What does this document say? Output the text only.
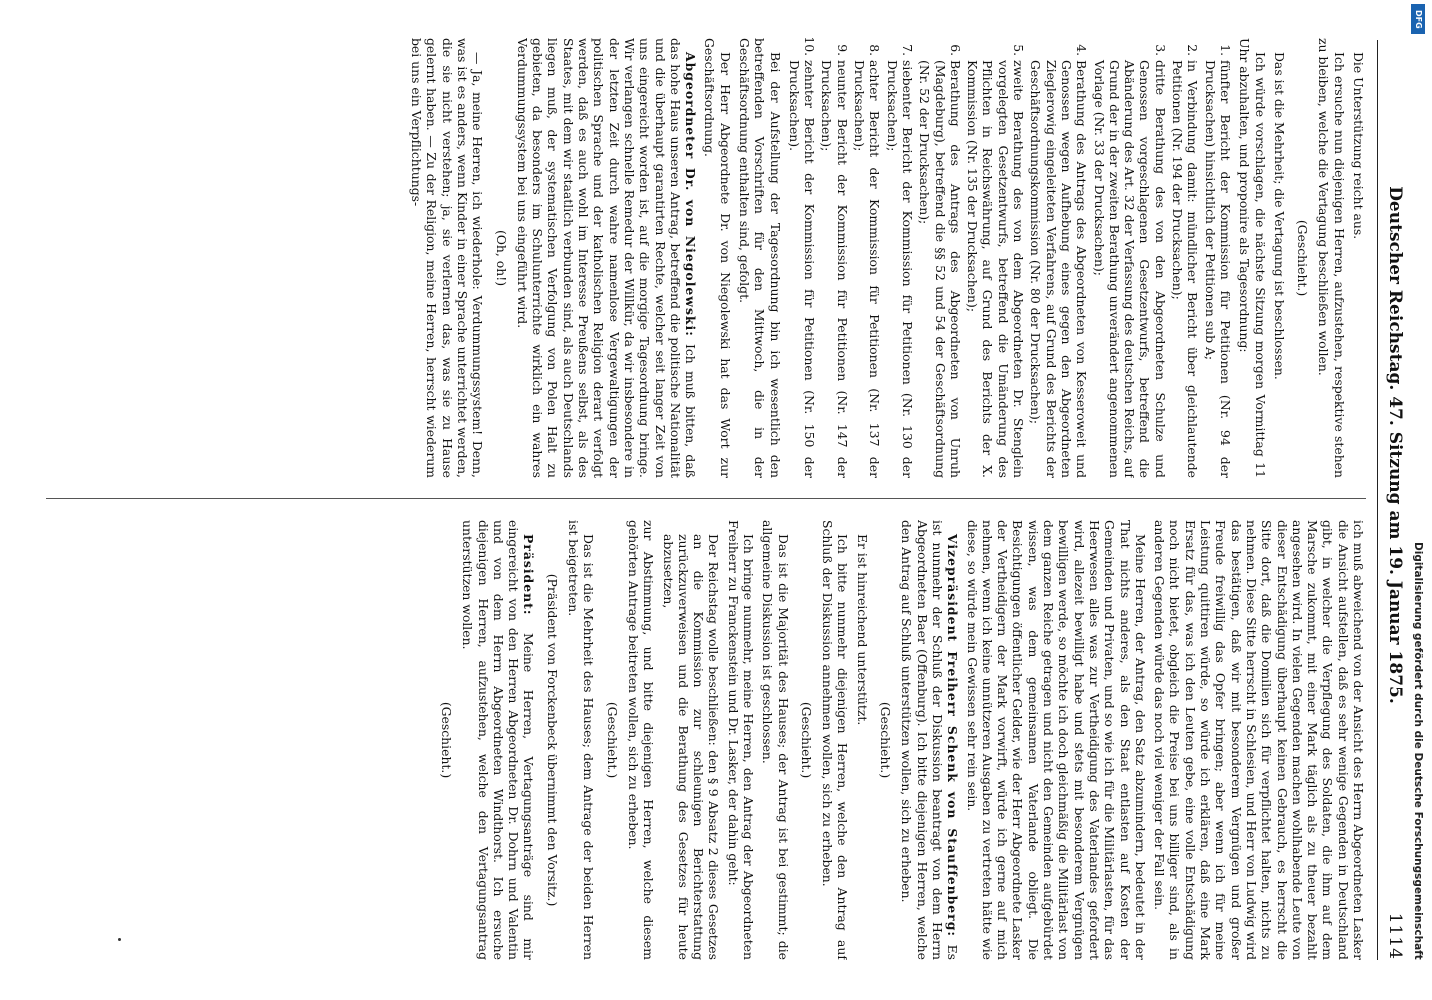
Deutscher Reichstag. 47. Sitzung am 19. Januar 1875.
1114

ich muß abweichend von der Ansicht des Herrn Abgeordneten Lasker die Ansicht aufstellen, daß es sehr wenige Gegenden in Deutschland gibt, in welcher die Verpflegung des Soldaten, die ihm auf dem Marsche zukommt, mit einer Mark täglich als zu theuer bezahlt angesehen wird. In vielen Gegenden machen wohlhabende Leute von dieser Entschädigung überhaupt keinen Gebrauch, es herrscht die Sitte dort, daß die Domilien sich für verpflichtet halten, nichts zu nehmen. Diese Sitte herrscht in Schlesien, und Herr von Ludwig wird das bestätigen, daß wir mit besonderem Vergnügen und großer Freude freiwillig das Opfer bringen; aber wenn ich für meine Leistung quittiren würde, so würde ich erklären, daß eine Mark Ersatz für das, was ich den Leuten gebe, eine volle Entschädigung noch nicht bietet, obgleich die Preise bei uns billiger sind, als in anderen Gegenden würde das noch viel weniger der Fall sein.

Meine Herren, der Antrag, den Satz abzumindern, bedeutet in der That nichts anderes, als den Staat entlasten auf Kosten der Gemeinden und Privaten, und so wie ich für die Militärlasten, für das Heerwesen alles was zur Vertheidigung des Vaterlandes gefordert wird, allezeit bewilligt habe und stets mit besonderem Vergnügen bewilligen werde, so möchte ich doch gleichmäßig die Militärlast von dem ganzen Reiche getragen und nicht den Gemeinden aufgebürdet wissen, was dem gemeinsamen Vaterlande obliegt. Die Besichtigungen öffentlicher Gelder, wie der Herr Abgeordnete Lasker der Vertheidigern der Mark vorwirft, würde ich gerne auf mich nehmen, wenn ich keine unnützeren Ausgaben zu vertreten hätte wie diese, so würde mein Gewissen sehr rein sein.

Vizepräsident Freiherr Schenk von Stauffenberg: Es ist nunmehr der Schluß der Diskussion beantragt von dem Herrn Abgeordneten Baer (Offenburg). Ich bitte diejenigen Herren, welche den Antrag auf Schluß unterstützen wollen, sich zu erheben.

(Geschieht.)

Er ist hinreichend unterstützt.

Ich bitte nunmehr diejenigen Herren, welche den Antrag auf Schluß der Diskussion annehmen wollen, sich zu erheben.

(Geschieht.)

Das ist die Majorität des Hauses; der Antrag ist bei gestimmt; die allgemeine Diskussion ist geschlossen.

Ich bringe nunmehr, meine Herren, den Antrag der Abgeordneten Freiherr zu Franckenstein und Dr. Lasker, der dahin geht:

Der Reichstag wolle beschließen: den § 9 Absatz 2 dieses Gesetzes an die Kommission zur schleunigen Berichterstattung zurückzuverweisen und die Berathung des Gesetzes für heute abzusetzen,

zur Abstimmung, und bitte diejenigen Herren, welche diesem gehörten Antrage beitreten wollen, sich zu erheben.

(Geschieht.)

Das ist die Mehrheit des Hauses; dem Antrage der beiden Herren ist beigetreten.

(Präsident von Forckenbeck übernimmt den Vorsitz.)

Präsident: Meine Herren, Vertagungsanträge sind mir eingereicht von den Herren Abgeordneten Dr. Dohrn und Valentin und von dem Herrn Abgeordneten Windthorst. Ich ersuche diejenigen Herren, aufzustehen, welche den Vertagungsantrag unterstützen wollen.

(Geschieht.)

Die Unterstützung reicht aus.

Ich ersuche nun diejenigen Herren, aufzustehen, respektive stehen zu bleiben, welche die Vertagung beschließen wollen.

(Geschieht.)

Das ist die Mehrheit; die Vertagung ist beschlossen.

Ich würde vorschlagen, die nächste Sitzung morgen Vormittag 11 Uhr abzuhalten, und proponire als Tagesordnung:

1. fünfter Bericht der Kommission für Petitionen (Nr. 94 der Drucksachen) hinsichtlich der Petitionen sub A;
2. in Verbindung damit: mündlicher Bericht über gleichlautende Petitionen (Nr. 194 der Drucksachen);
3. dritte Berathung des von den Abgeordneten Schulze und Genossen vorgeschlagenen Gesetzentwurfs, betreffend die Abänderung des Art. 32 der Verfassung des deutschen Reichs, auf Grund der in der zweiten Berathung unverändert angenommenen Vorlage (Nr. 33 der Drucksachen);
4. Berathung des Antrags des Abgeordneten von Kesseroweit und Genossen wegen Aufhebung eines gegen den Abgeordneten Zieglerowig eingeleiteten Verfahrens, auf Grund des Berichts der Geschäftsordnungskommission (Nr. 80 der Drucksachen);
5. zweite Berathung des von dem Abgeordneten Dr. Stenglein vorgelegten Gesetzentwurfs, betreffend die Umänderung des Pflichten in Reichswährung, auf Grund des Berichts der X. Kommission (Nr. 135 der Drucksachen);
6. Berathung des Antrags des Abgeordneten von Unruh (Magdeburg), betreffend die §§ 52 und 54 der Geschäftsordnung (Nr. 52 der Drucksachen);
7. siebenter Bericht der Kommission für Petitionen (Nr. 130 der Drucksachen);
8. achter Bericht der Kommission für Petitionen (Nr. 137 der Drucksachen);
9. neunter Bericht der Kommission für Petitionen (Nr. 147 der Drucksachen);
10. zehnter Bericht der Kommission für Petitionen (Nr. 150 der Drucksachen).

Bei der Aufstellung der Tagesordnung bin ich wesentlich den betreffenden Vorschriften für den Mittwoch, die in der Geschäftsordnung enthalten sind, gefolgt.

Der Herr Abgeordnete Dr. von Niegolewski hat das Wort zur Geschäftsordnung.

Abgeordneter Dr. von Niegolewski: Ich muß bitten, daß das hohe Haus unseren Antrag, betreffend die politische Nationalität und die überhaupt garantirten Rechte, welcher seit langer Zeit von uns eingereicht worden ist, auf die morgige Tagesordnung bringe. Wir verlangen schnelle Remedur der Willkür, da wir insbesondere in der letzten Zeit durch wahre namenlose Vergewaltigungen der politischen Sprache und der katholischen Religion derart verfolgt werden, daß es auch wohl im Interesse Preußens selbst, als des Staates, mit dem wir staatlich verbunden sind, als auch Deutschlands liegen muß, der systematischen Verfolgung von Polen Halt zu gebieten, da besonders im Schulunterrichte wirklich ein wahres Verdummungssystem bei uns eingeführt wird.

(Oh, oh!)

— Ja, meine Herren, ich wiederhole: Verdummungssystem! Denn, was ist es anders, wenn Kinder in einer Sprache unterrichtet werden, die sie nicht verstehen; ja, sie verlernen das, was sie zu Hause gelernt haben. — Zu der Religion, meine Herren, herrscht wiederum bei uns ein Verpflichtungs-

DFG
Digitalisierung gefördert durch die Deutsche Forschungsgemeinschaft
